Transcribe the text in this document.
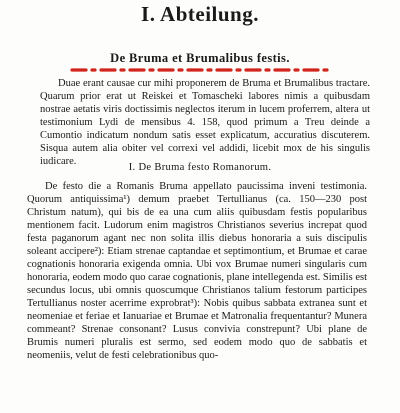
I. Abteilung.
De Bruma et Brumalibus festis.

Duae erant causae cur mihi proponerem de Bruma et Brumalibus tractare. Quarum prior erat ut Reiskei et Tomascheki labores nimis a quibusdam nostrae aetatis viris doctissimis neglectos iterum in lucem proferrem, altera ut testimonium Lydi de mensibus 4. 158, quod primum a Treu deinde a Cumontio indicatum nondum satis esset explicatum, accuratius discuterem. Sisqua autem alia obiter vel correxi vel addidi, licebit mox de his singulis iudicare.

I. De Bruma festo Romanorum.

De festo die a Romanis Bruma appellato paucissima inveni testimonia. Quorum antiquissima¹) demum praebet Tertullianus (ca. 150—230 post Christum natum), qui bis de ea una cum aliis quibusdam festis popularibus mentionem facit. Ludorum enim magistros Christianos severius increpat quod festa paganorum agant nec non solita illis diebus honoraria a suis discipulis soleant accipere²): Etiam strenae captandae et septimontium, et Brumae et carae cognationis honoraria exigenda omnia. Ubi vox Brumae numeri singularis cum honoraria, eodem modo quo carae cognationis, plane intellegenda est. Similis est secundus locus, ubi omnis quoscumque Christianos talium festorum participes Tertullianus noster acerrime exprobrat³): Nobis quibus sabbata extranea sunt et neomeniae et feriae et Ianuariae et Brumae et Matronalia frequentantur? Munera commeant? Strenae consonant? Lusus convivia constrepunt? Ubi plane de Brumis numeri pluralis est sermo, sed eodem modo quo de sabbatis et neomeniis, velut de festi celebrationibus quo-
